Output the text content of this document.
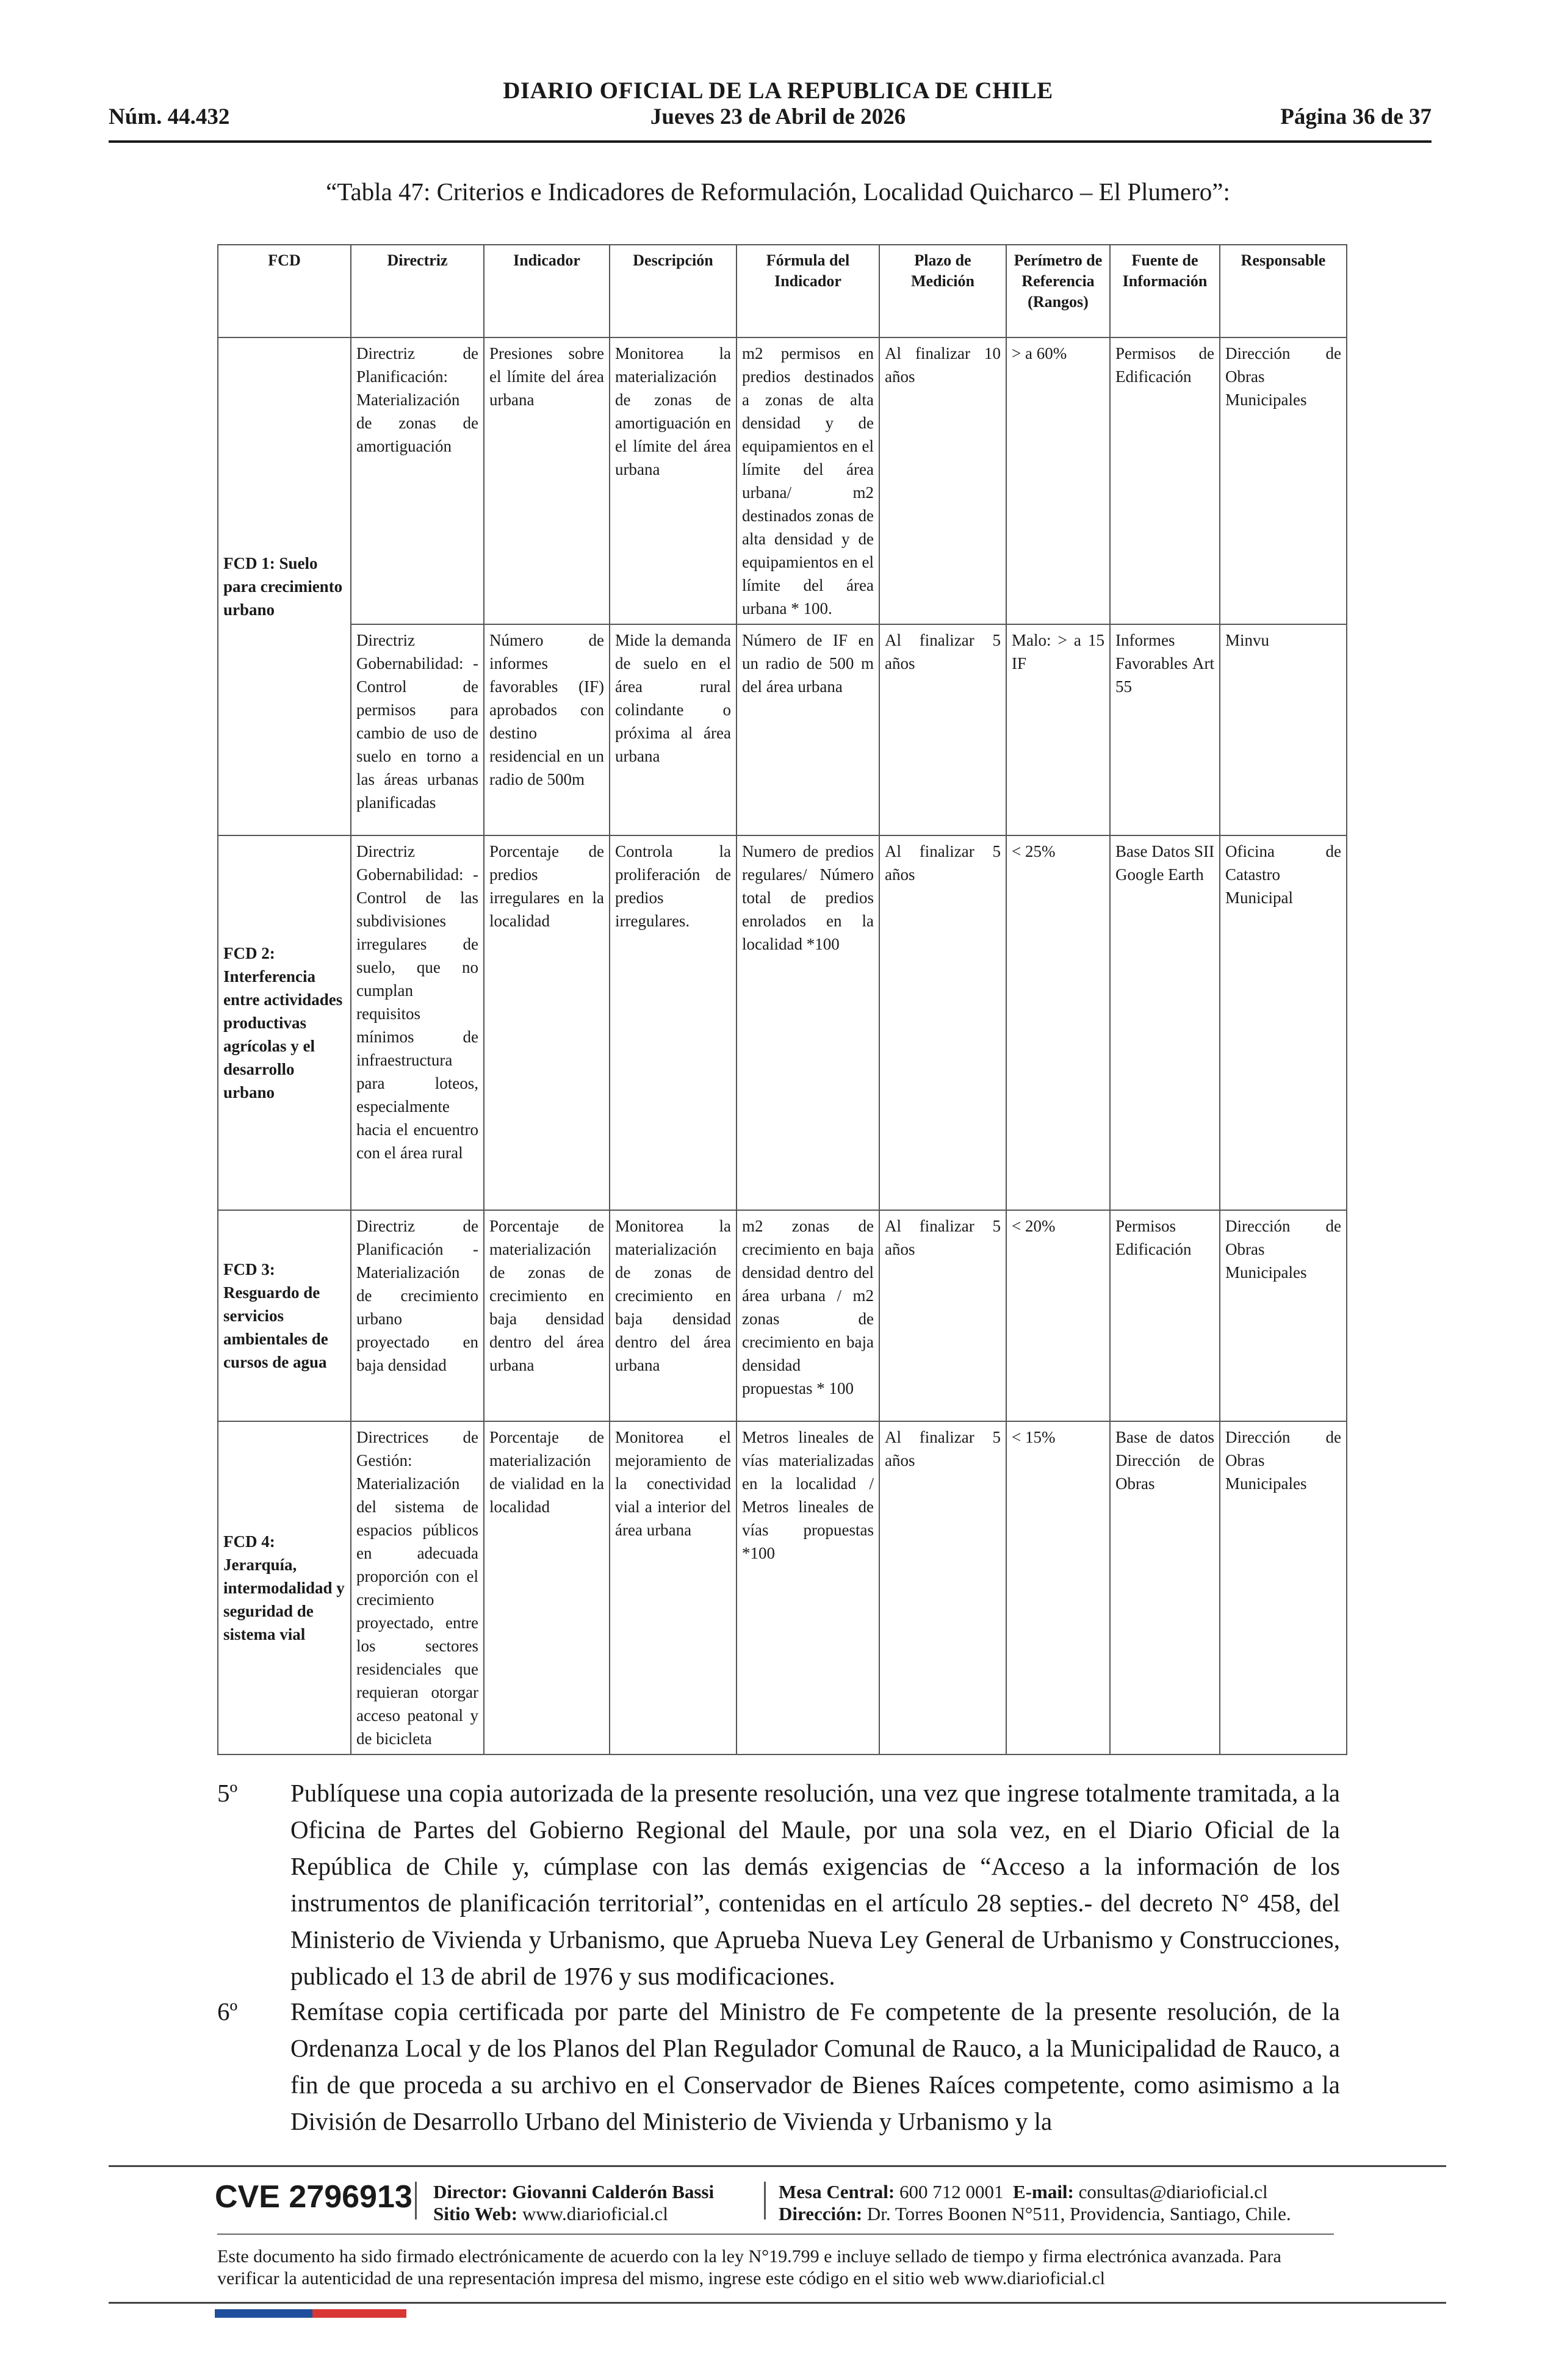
DIARIO OFICIAL DE LA REPUBLICA DE CHILE
Núm. 44.432	Jueves 23 de Abril de 2026	Página 36 de 37
“Tabla 47: Criterios e Indicadores de Reformulación, Localidad Quicharco – El Plumero”:
FCD	Directriz	Indicador	Descripción	Fórmula del Indicador	Plazo de Medición	Perímetro de Referencia (Rangos)	Fuente de Información	Responsable
FCD 1: Suelo para crecimiento urbano	Directriz de Planificación: Materialización de zonas de amortiguación	Presiones sobre el límite del área urbana	Monitorea la materialización de zonas de amortiguación en el límite del área urbana	m2 permisos en predios destinados a zonas de alta densidad y de equipamientos en el límite del área urbana/ m2 destinados zonas de alta densidad y de equipamientos en el límite del área urbana * 100.	Al finalizar 10 años	> a 60%	Permisos de Edificación	Dirección de Obras Municipales
	Directriz Gobernabilidad: - Control de permisos para cambio de uso de suelo en torno a las áreas urbanas planificadas	Número de informes favorables (IF) aprobados con destino residencial en un radio de 500m	Mide la demanda de suelo en el área rural colindante o próxima al área urbana	Número de IF en un radio de 500 m del área urbana	Al finalizar 5 años	Malo: > a 15 IF	Informes Favorables Art 55	Minvu
FCD 2: Interferencia entre actividades productivas agrícolas y el desarrollo urbano	Directriz Gobernabilidad: - Control de las subdivisiones irregulares de suelo, que no cumplan requisitos mínimos de infraestructura para loteos, especialmente hacia el encuentro con el área rural	Porcentaje de predios irregulares en la localidad	Controla la proliferación de predios irregulares.	Numero de predios regulares/ Número total de predios enrolados en la localidad *100	Al finalizar 5 años	< 25%	Base Datos SII Google Earth	Oficina de Catastro Municipal
FCD 3: Resguardo de servicios ambientales de cursos de agua	Directriz de Planificación - Materialización de crecimiento urbano proyectado en baja densidad	Porcentaje de materialización de zonas de crecimiento en baja densidad dentro del área urbana	Monitorea la materialización de zonas de crecimiento en baja densidad dentro del área urbana	m2 zonas de crecimiento en baja densidad dentro del área urbana / m2 zonas de crecimiento en baja densidad propuestas * 100	Al finalizar 5 años	< 20%	Permisos Edificación	Dirección de Obras Municipales
FCD 4: Jerarquía, intermodalidad y seguridad de sistema vial	Directrices de Gestión: Materialización del sistema de espacios públicos en adecuada proporción con el crecimiento proyectado, entre los sectores residenciales que requieran otorgar acceso peatonal y de bicicleta	Porcentaje de materialización de vialidad en la localidad	Monitorea el mejoramiento de la conectividad vial a interior del área urbana	Metros lineales de vías materializadas en la localidad / Metros lineales de vías propuestas *100	Al finalizar 5 años	< 15%	Base de datos Dirección de Obras	Dirección de Obras Municipales
5º Publíquese una copia autorizada de la presente resolución, una vez que ingrese totalmente tramitada, a la Oficina de Partes del Gobierno Regional del Maule, por una sola vez, en el Diario Oficial de la República de Chile y, cúmplase con las demás exigencias de “Acceso a la información de los instrumentos de planificación territorial”, contenidas en el artículo 28 septies.- del decreto N° 458, del Ministerio de Vivienda y Urbanismo, que Aprueba Nueva Ley General de Urbanismo y Construcciones, publicado el 13 de abril de 1976 y sus modificaciones.
6º Remítase copia certificada por parte del Ministro de Fe competente de la presente resolución, de la Ordenanza Local y de los Planos del Plan Regulador Comunal de Rauco, a la Municipalidad de Rauco, a fin de que proceda a su archivo en el Conservador de Bienes Raíces competente, como asimismo a la División de Desarrollo Urbano del Ministerio de Vivienda y Urbanismo y la
CVE 2796913 Director: Giovanni Calderón Bassi
Sitio Web: www.diarioficial.cl
Mesa Central: 600 712 0001 E-mail: consultas@diarioficial.cl
Dirección: Dr. Torres Boonen N°511, Providencia, Santiago, Chile.
Este documento ha sido firmado electrónicamente de acuerdo con la ley N°19.799 e incluye sellado de tiempo y firma electrónica avanzada. Para verificar la autenticidad de una representación impresa del mismo, ingrese este código en el sitio web www.diarioficial.cl
